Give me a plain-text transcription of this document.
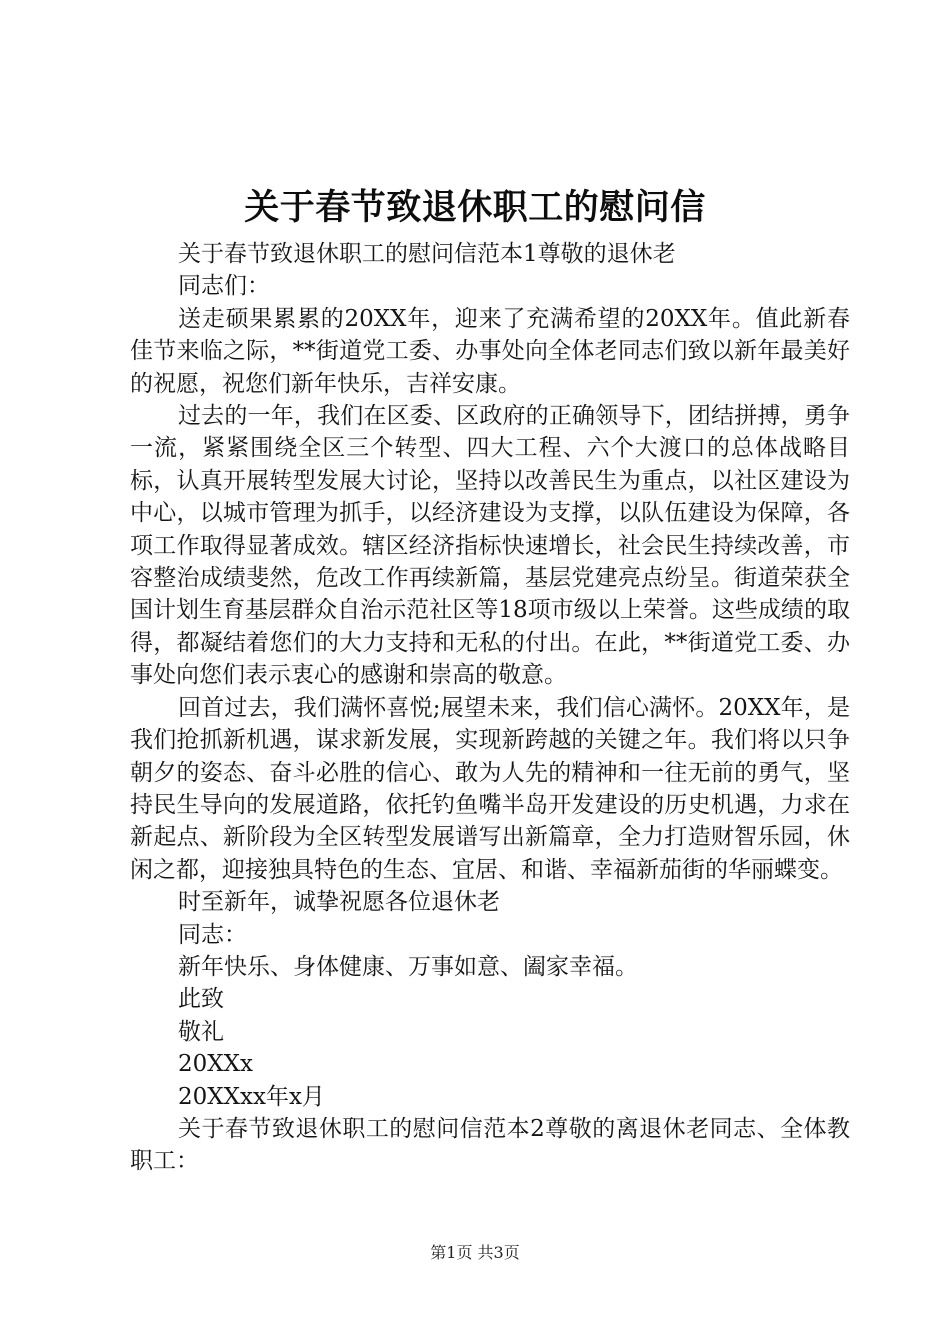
关于春节致退休职工的慰问信

关于春节致退休职工的慰问信范本1尊敬的退休老

同志们：

送走硕果累累的20XX年，迎来了充满希望的20XX年。值此新春佳节来临之际，**街道党工委、办事处向全体老同志们致以新年最美好的祝愿，祝您们新年快乐，吉祥安康。

过去的一年，我们在区委、区政府的正确领导下，团结拼搏，勇争一流，紧紧围绕全区三个转型、四大工程、六个大渡口的总体战略目标，认真开展转型发展大讨论，坚持以改善民生为重点，以社区建设为中心，以城市管理为抓手，以经济建设为支撑，以队伍建设为保障，各项工作取得显著成效。辖区经济指标快速增长，社会民生持续改善，市容整治成绩斐然，危改工作再续新篇，基层党建亮点纷呈。街道荣获全国计划生育基层群众自治示范社区等18项市级以上荣誉。这些成绩的取得，都凝结着您们的大力支持和无私的付出。在此，**街道党工委、办事处向您们表示衷心的感谢和崇高的敬意。

回首过去，我们满怀喜悦;展望未来，我们信心满怀。20XX年，是我们抢抓新机遇，谋求新发展，实现新跨越的关键之年。我们将以只争朝夕的姿态、奋斗必胜的信心、敢为人先的精神和一往无前的勇气，坚持民生导向的发展道路，依托钓鱼嘴半岛开发建设的历史机遇，力求在新起点、新阶段为全区转型发展谱写出新篇章，全力打造财智乐园，休闲之都，迎接独具特色的生态、宜居、和谐、幸福新茄街的华丽蝶变。

时至新年，诚挚祝愿各位退休老

同志：

新年快乐、身体健康、万事如意、阖家幸福。

此致

敬礼

20XXx

20XXxx年x月

关于春节致退休职工的慰问信范本2尊敬的离退休老同志、全体教职工：

第1页 共3页
